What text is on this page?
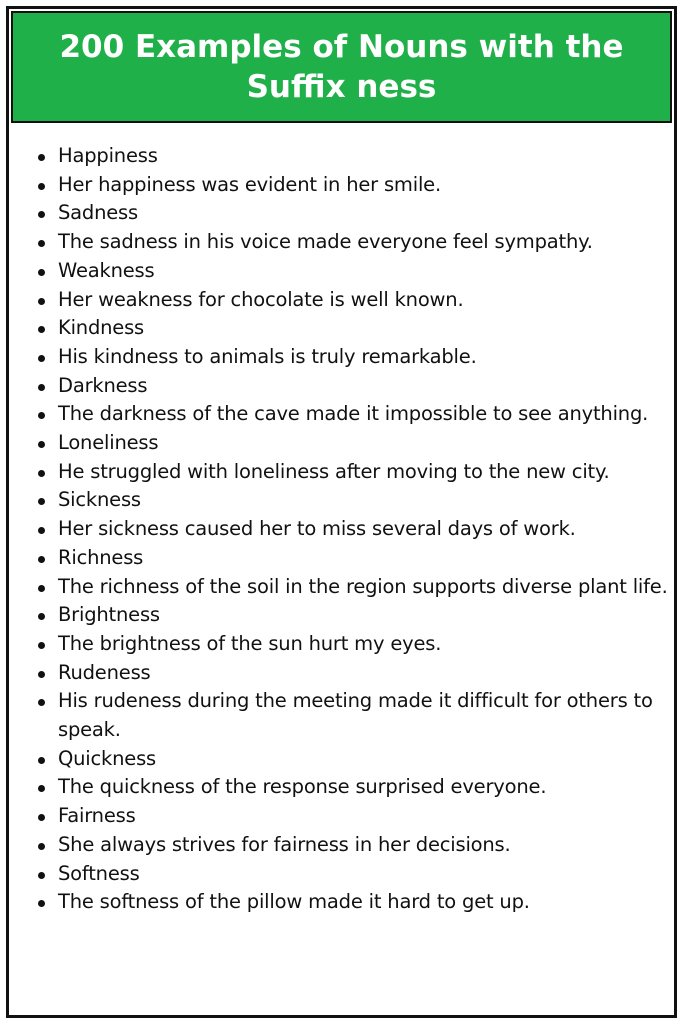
200 Examples of Nouns with the Suffix ness
Happiness
Her happiness was evident in her smile.
Sadness
The sadness in his voice made everyone feel sympathy.
Weakness
Her weakness for chocolate is well known.
Kindness
His kindness to animals is truly remarkable.
Darkness
The darkness of the cave made it impossible to see anything.
Loneliness
He struggled with loneliness after moving to the new city.
Sickness
Her sickness caused her to miss several days of work.
Richness
The richness of the soil in the region supports diverse plant life.
Brightness
The brightness of the sun hurt my eyes.
Rudeness
His rudeness during the meeting made it difficult for others to speak.
Quickness
The quickness of the response surprised everyone.
Fairness
She always strives for fairness in her decisions.
Softness
The softness of the pillow made it hard to get up.
